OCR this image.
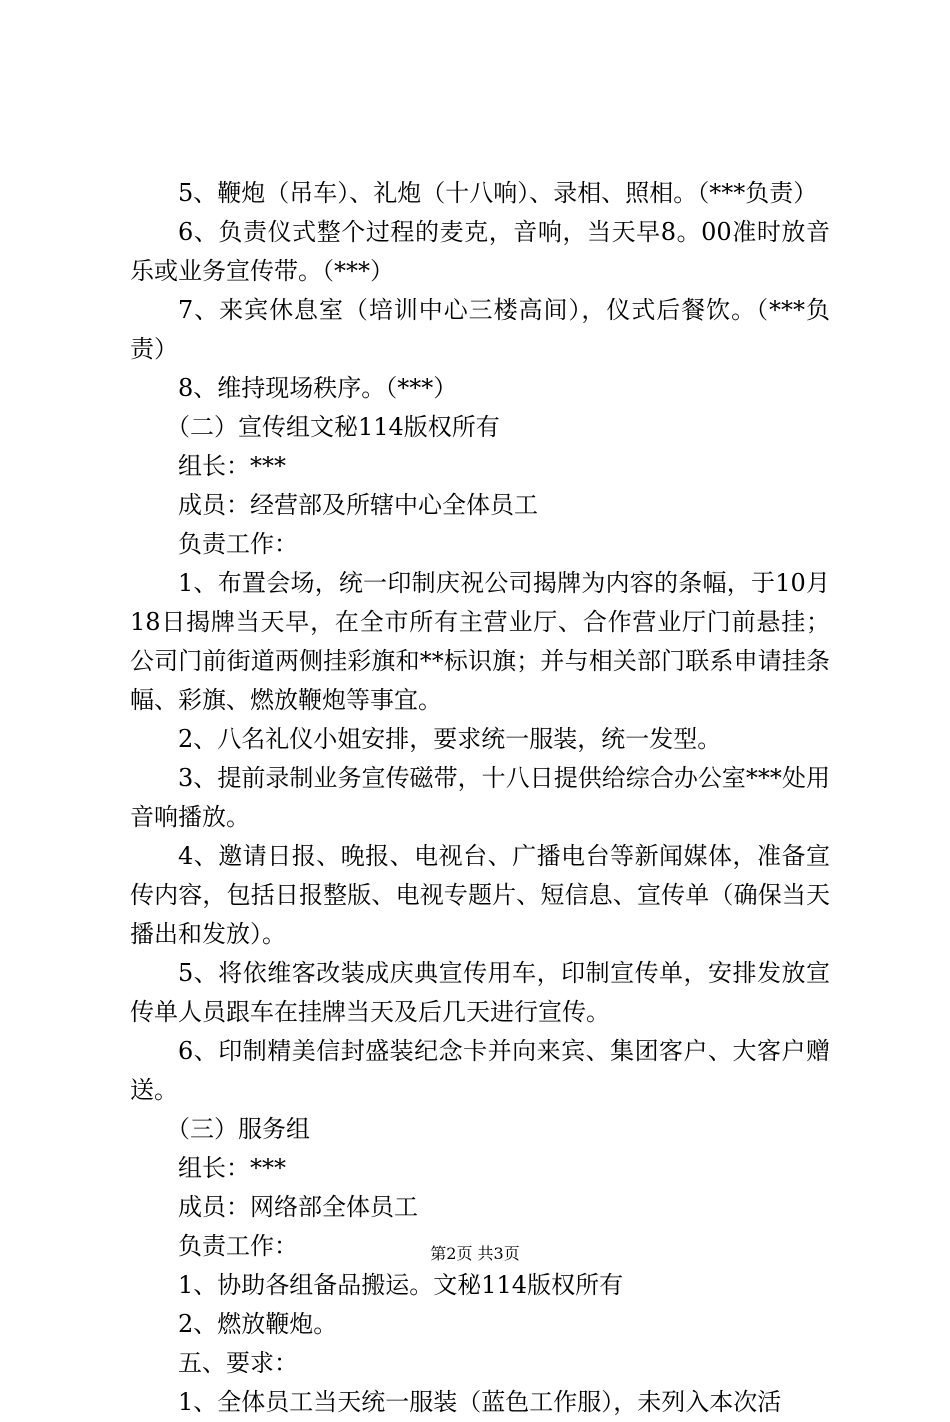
5、鞭炮（吊车）、礼炮（十八响）、录相、照相。（***负责）

6、负责仪式整个过程的麦克，音响，当天早8。00准时放音乐或业务宣传带。（***）

7、来宾休息室（培训中心三楼高间），仪式后餐饮。（***负责）

8、维持现场秩序。（***）

（二）宣传组文秘114版权所有

组长：***

成员：经营部及所辖中心全体员工

负责工作：

1、布置会场，统一印制庆祝公司揭牌为内容的条幅，于10月18日揭牌当天早，在全市所有主营业厅、合作营业厅门前悬挂；公司门前街道两侧挂彩旗和**标识旗；并与相关部门联系申请挂条幅、彩旗、燃放鞭炮等事宜。

2、八名礼仪小姐安排，要求统一服装，统一发型。

3、提前录制业务宣传磁带，十八日提供给综合办公室***处用音响播放。

4、邀请日报、晚报、电视台、广播电台等新闻媒体，准备宣传内容，包括日报整版、电视专题片、短信息、宣传单（确保当天播出和发放）。

5、将依维客改装成庆典宣传用车，印制宣传单，安排发放宣传单人员跟车在挂牌当天及后几天进行宣传。

6、印制精美信封盛装纪念卡并向来宾、集团客户、大客户赠送。

（三）服务组

组长：***

成员：网络部全体员工

负责工作：

1、协助各组备品搬运。文秘114版权所有

2、燃放鞭炮。

五、要求：

1、全体员工当天统一服装（蓝色工作服），未列入本次活

第2页 共3页
